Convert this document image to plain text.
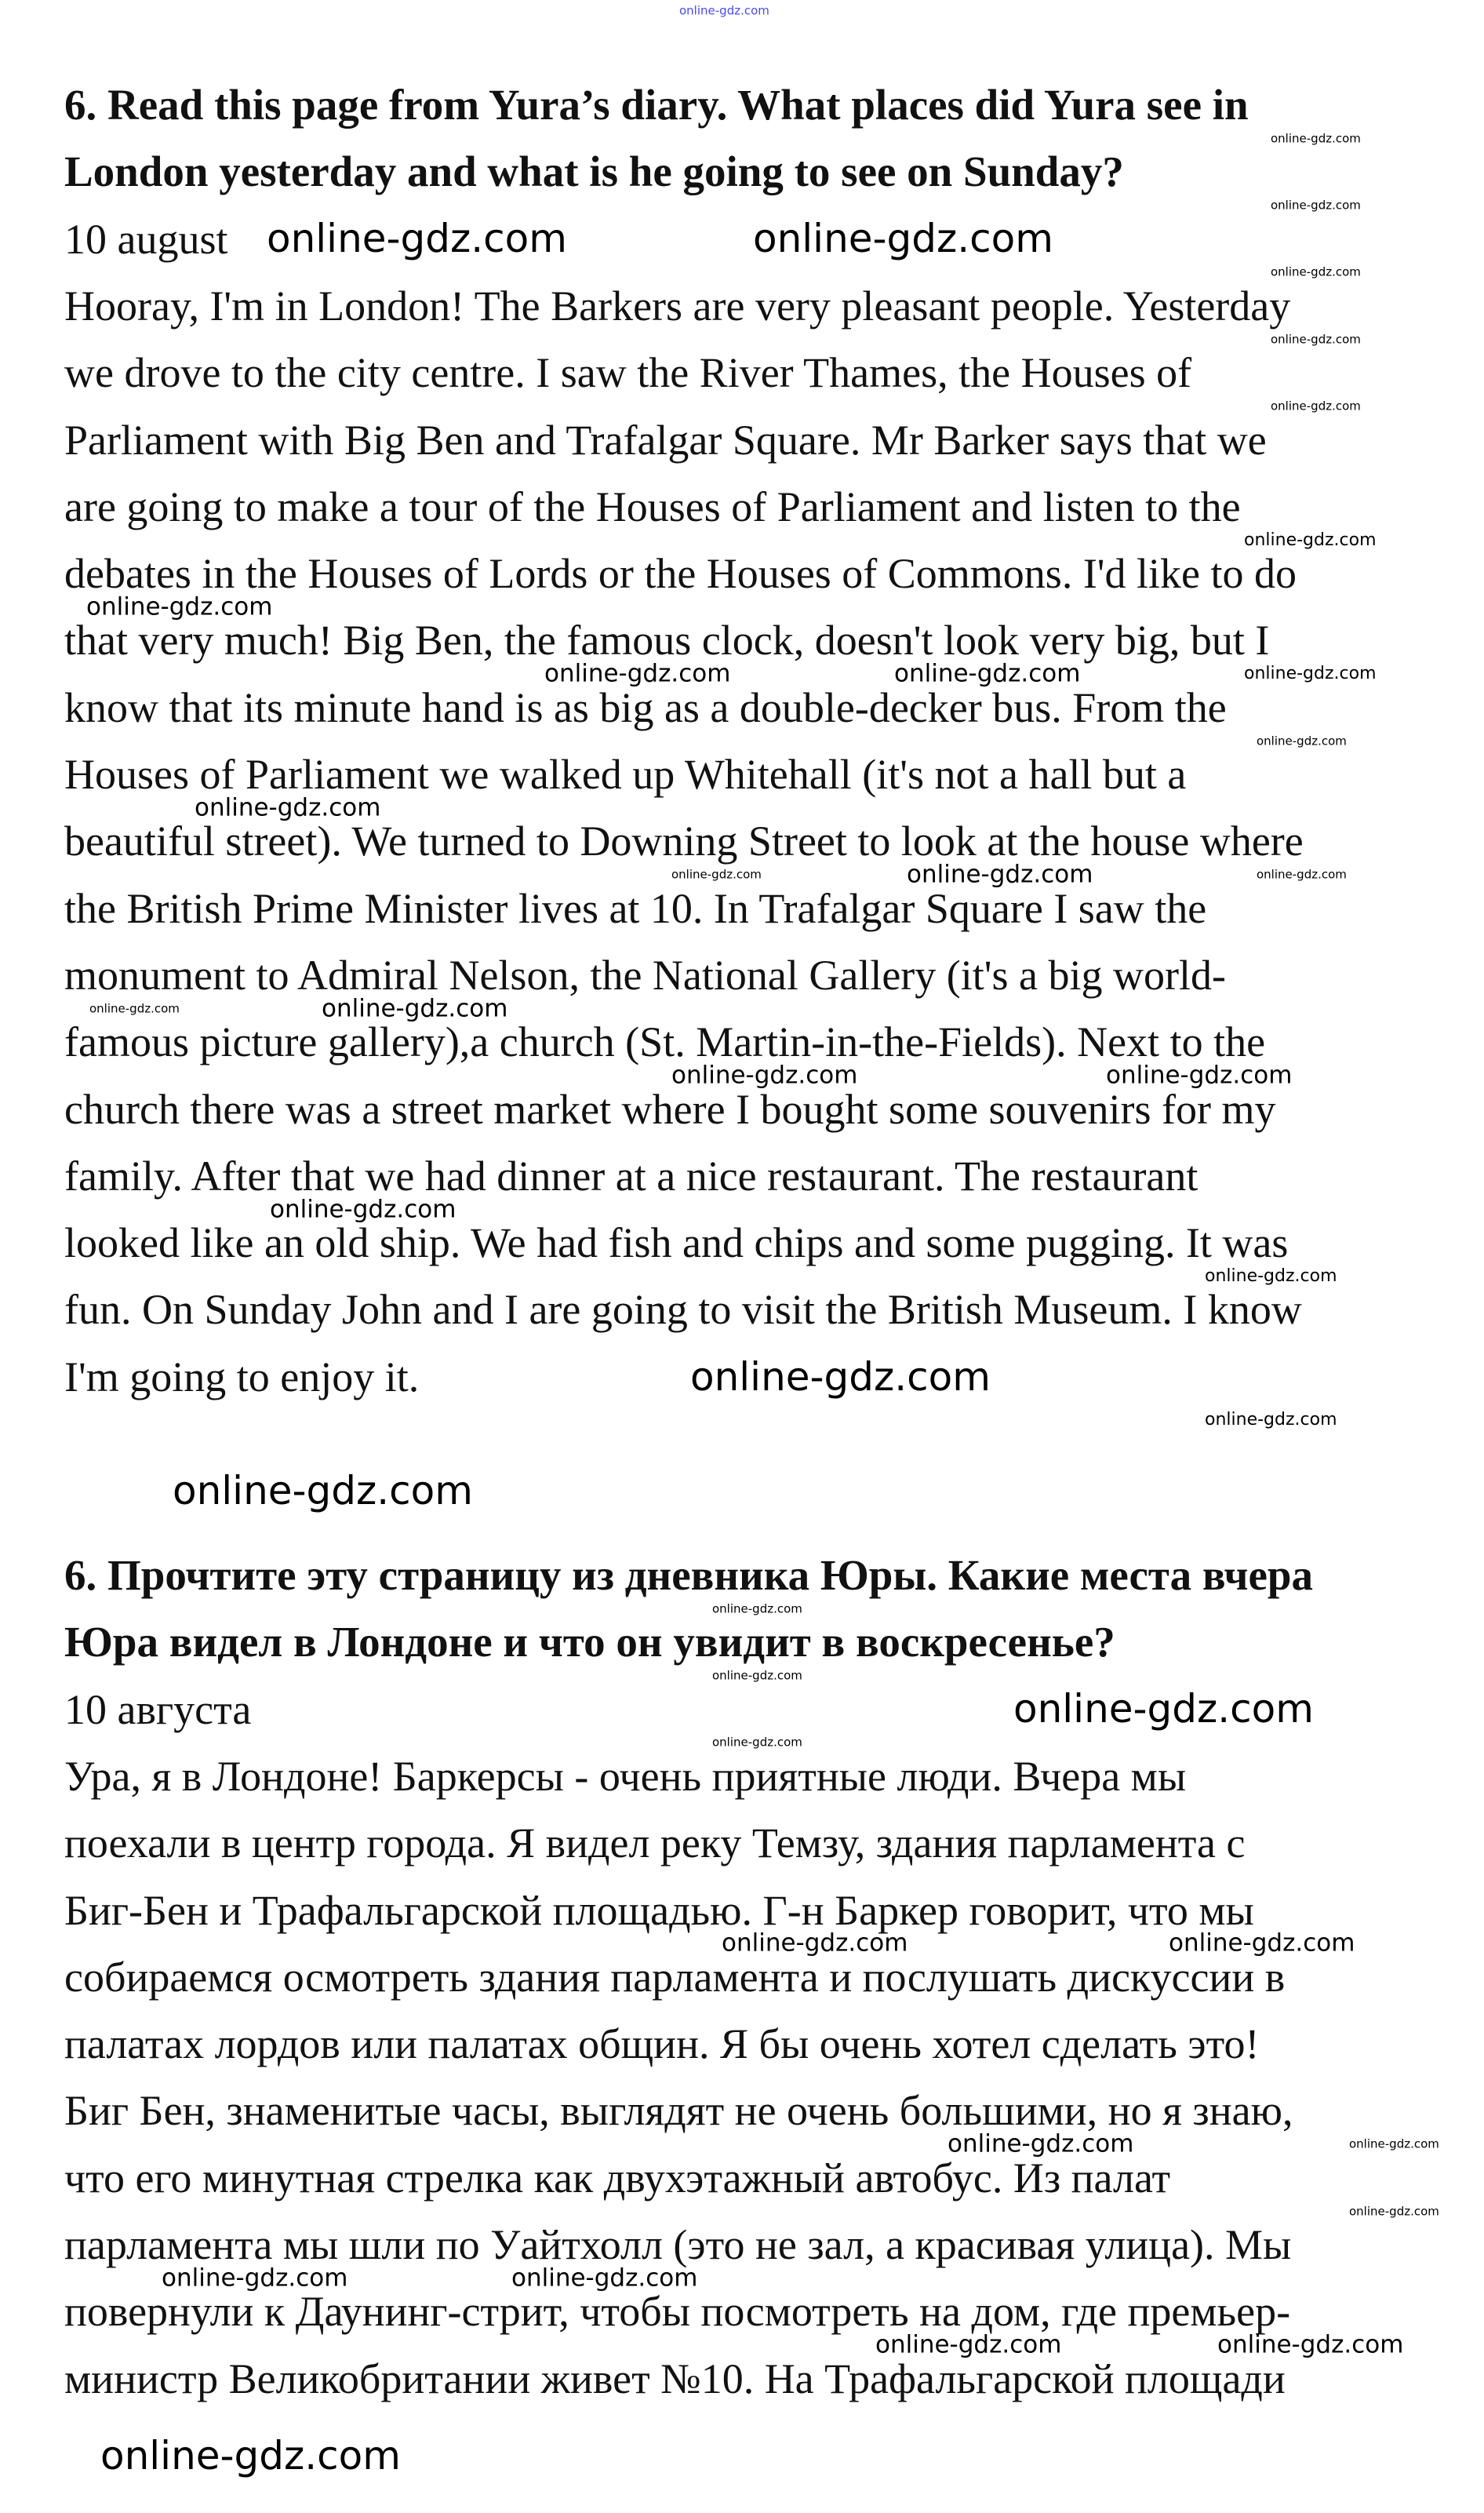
6. Read this page from Yura’s diary. What places did Yura see in
London yesterday and what is he going to see on Sunday?
10 august
Hooray, I'm in London! The Barkers are very pleasant people. Yesterday
we drove to the city centre. I saw the River Thames, the Houses of
Parliament with Big Ben and Trafalgar Square. Mr Barker says that we
are going to make a tour of the Houses of Parliament and listen to the
debates in the Houses of Lords or the Houses of Commons. I'd like to do
that very much! Big Ben, the famous clock, doesn't look very big, but I
know that its minute hand is as big as a double-decker bus. From the
Houses of Parliament we walked up Whitehall (it's not a hall but a
beautiful street). We turned to Downing Street to look at the house where
the British Prime Minister lives at 10. In Trafalgar Square I saw the
monument to Admiral Nelson, the National Gallery (it's a big world-
famous picture gallery),a church (St. Martin-in-the-Fields). Next to the
church there was a street market where I bought some souvenirs for my
family. After that we had dinner at a nice restaurant. The restaurant
looked like an old ship. We had fish and chips and some pugging. It was
fun. On Sunday John and I are going to visit the British Museum. I know
I'm going to enjoy it.
6. Прочтите эту страницу из дневника Юры. Какие места вчера
Юра видел в Лондоне и что он увидит в воскресенье?
10 августа
Ура, я в Лондоне! Баркерсы - очень приятные люди. Вчера мы
поехали в центр города. Я видел реку Темзу, здания парламента с
Биг-Бен и Трафальгарской площадью. Г-н Баркер говорит, что мы
собираемся осмотреть здания парламента и послушать дискуссии в
палатах лордов или палатах общин. Я бы очень хотел сделать это!
Биг Бен, знаменитые часы, выглядят не очень большими, но я знаю,
что его минутная стрелка как двухэтажный автобус. Из палат
парламента мы шли по Уайтхолл (это не зал, а красивая улица). Мы
повернули к Даунинг-стрит, чтобы посмотреть на дом, где премьер-
министр Великобритании живет №10. На Трафальгарской площади
online-gdz.com
online-gdz.com
online-gdz.com
online-gdz.com
online-gdz.com
online-gdz.com
online-gdz.com
online-gdz.com
online-gdz.com	online-gdz.com	online-gdz.com
online-gdz.com
online-gdz.com
online-gdz.com
online-gdz.com	online-gdz.com
online-gdz.com	online-gdz.com
online-gdz.com	online-gdz.com
online-gdz.com
online-gdz.com
online-gdz.com
online-gdz.com	online-gdz.com
online-gdz.com
online-gdz.com
online-gdz.com
online-gdz.com
online-gdz.com
online-gdz.com
online-gdz.com
online-gdz.com	online-gdz.com
online-gdz.com	online-gdz.com
online-gdz.com
online-gdz.com	online-gdz.com
online-gdz.com	online-gdz.com
